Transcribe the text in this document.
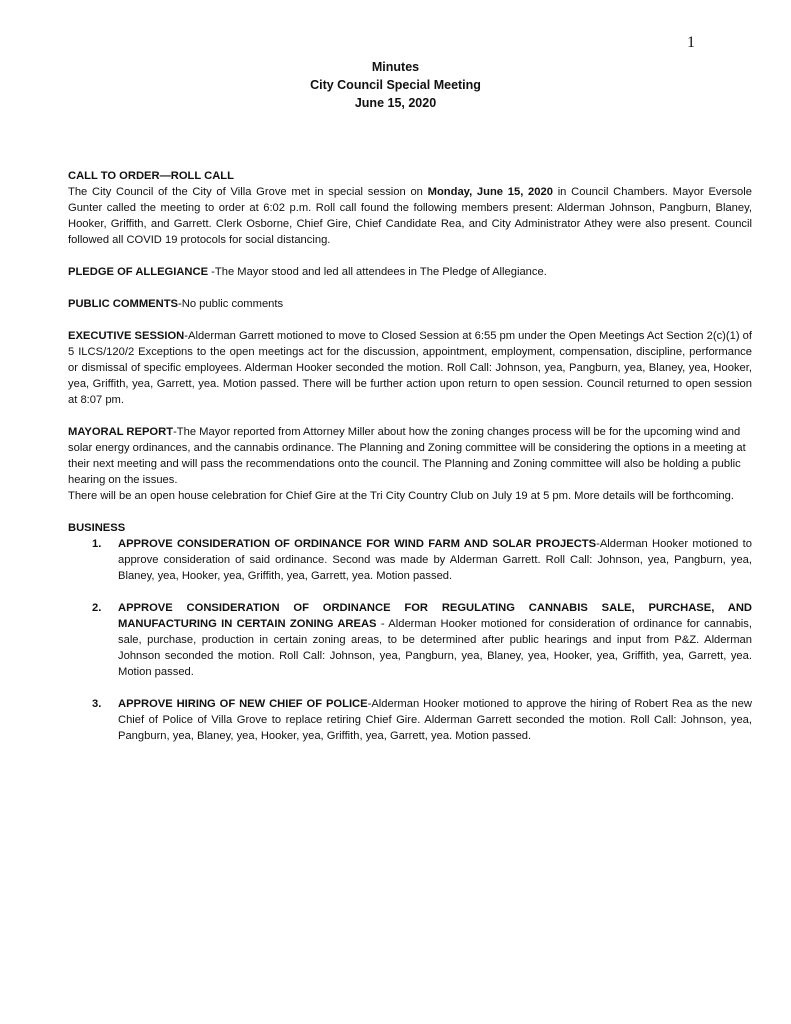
1
Minutes
City Council Special Meeting
June 15, 2020

CALL TO ORDER—ROLL CALL
The City Council of the City of Villa Grove met in special session on Monday, June 15, 2020 in Council Chambers. Mayor Eversole Gunter called the meeting to order at 6:02 p.m. Roll call found the following members present: Alderman Johnson, Pangburn, Blaney, Hooker, Griffith, and Garrett. Clerk Osborne, Chief Gire, Chief Candidate Rea, and City Administrator Athey were also present. Council followed all COVID 19 protocols for social distancing.

PLEDGE OF ALLEGIANCE -The Mayor stood and led all attendees in The Pledge of Allegiance.

PUBLIC COMMENTS-No public comments

EXECUTIVE SESSION-Alderman Garrett motioned to move to Closed Session at 6:55 pm under the Open Meetings Act Section 2(c)(1) of 5 ILCS/120/2 Exceptions to the open meetings act for the discussion, appointment, employment, compensation, discipline, performance or dismissal of specific employees. Alderman Hooker seconded the motion. Roll Call: Johnson, yea, Pangburn, yea, Blaney, yea, Hooker, yea, Griffith, yea, Garrett, yea. Motion passed. There will be further action upon return to open session. Council returned to open session at 8:07 pm.

MAYORAL REPORT-The Mayor reported from Attorney Miller about how the zoning changes process will be for the upcoming wind and solar energy ordinances, and the cannabis ordinance. The Planning and Zoning committee will be considering the options in a meeting at their next meeting and will pass the recommendations onto the council. The Planning and Zoning committee will also be holding a public hearing on the issues.
There will be an open house celebration for Chief Gire at the Tri City Country Club on July 19 at 5 pm. More details will be forthcoming.

BUSINESS
1. APPROVE CONSIDERATION OF ORDINANCE FOR WIND FARM AND SOLAR PROJECTS-Alderman Hooker motioned to approve consideration of said ordinance. Second was made by Alderman Garrett. Roll Call: Johnson, yea, Pangburn, yea, Blaney, yea, Hooker, yea, Griffith, yea, Garrett, yea. Motion passed.
2. APPROVE CONSIDERATION OF ORDINANCE FOR REGULATING CANNABIS SALE, PURCHASE, AND MANUFACTURING IN CERTAIN ZONING AREAS - Alderman Hooker motioned for consideration of ordinance for cannabis, sale, purchase, production in certain zoning areas, to be determined after public hearings and input from P&Z. Alderman Johnson seconded the motion. Roll Call: Johnson, yea, Pangburn, yea, Blaney, yea, Hooker, yea, Griffith, yea, Garrett, yea. Motion passed.
3. APPROVE HIRING OF NEW CHIEF OF POLICE-Alderman Hooker motioned to approve the hiring of Robert Rea as the new Chief of Police of Villa Grove to replace retiring Chief Gire. Alderman Garrett seconded the motion. Roll Call: Johnson, yea, Pangburn, yea, Blaney, yea, Hooker, yea, Griffith, yea, Garrett, yea. Motion passed.
